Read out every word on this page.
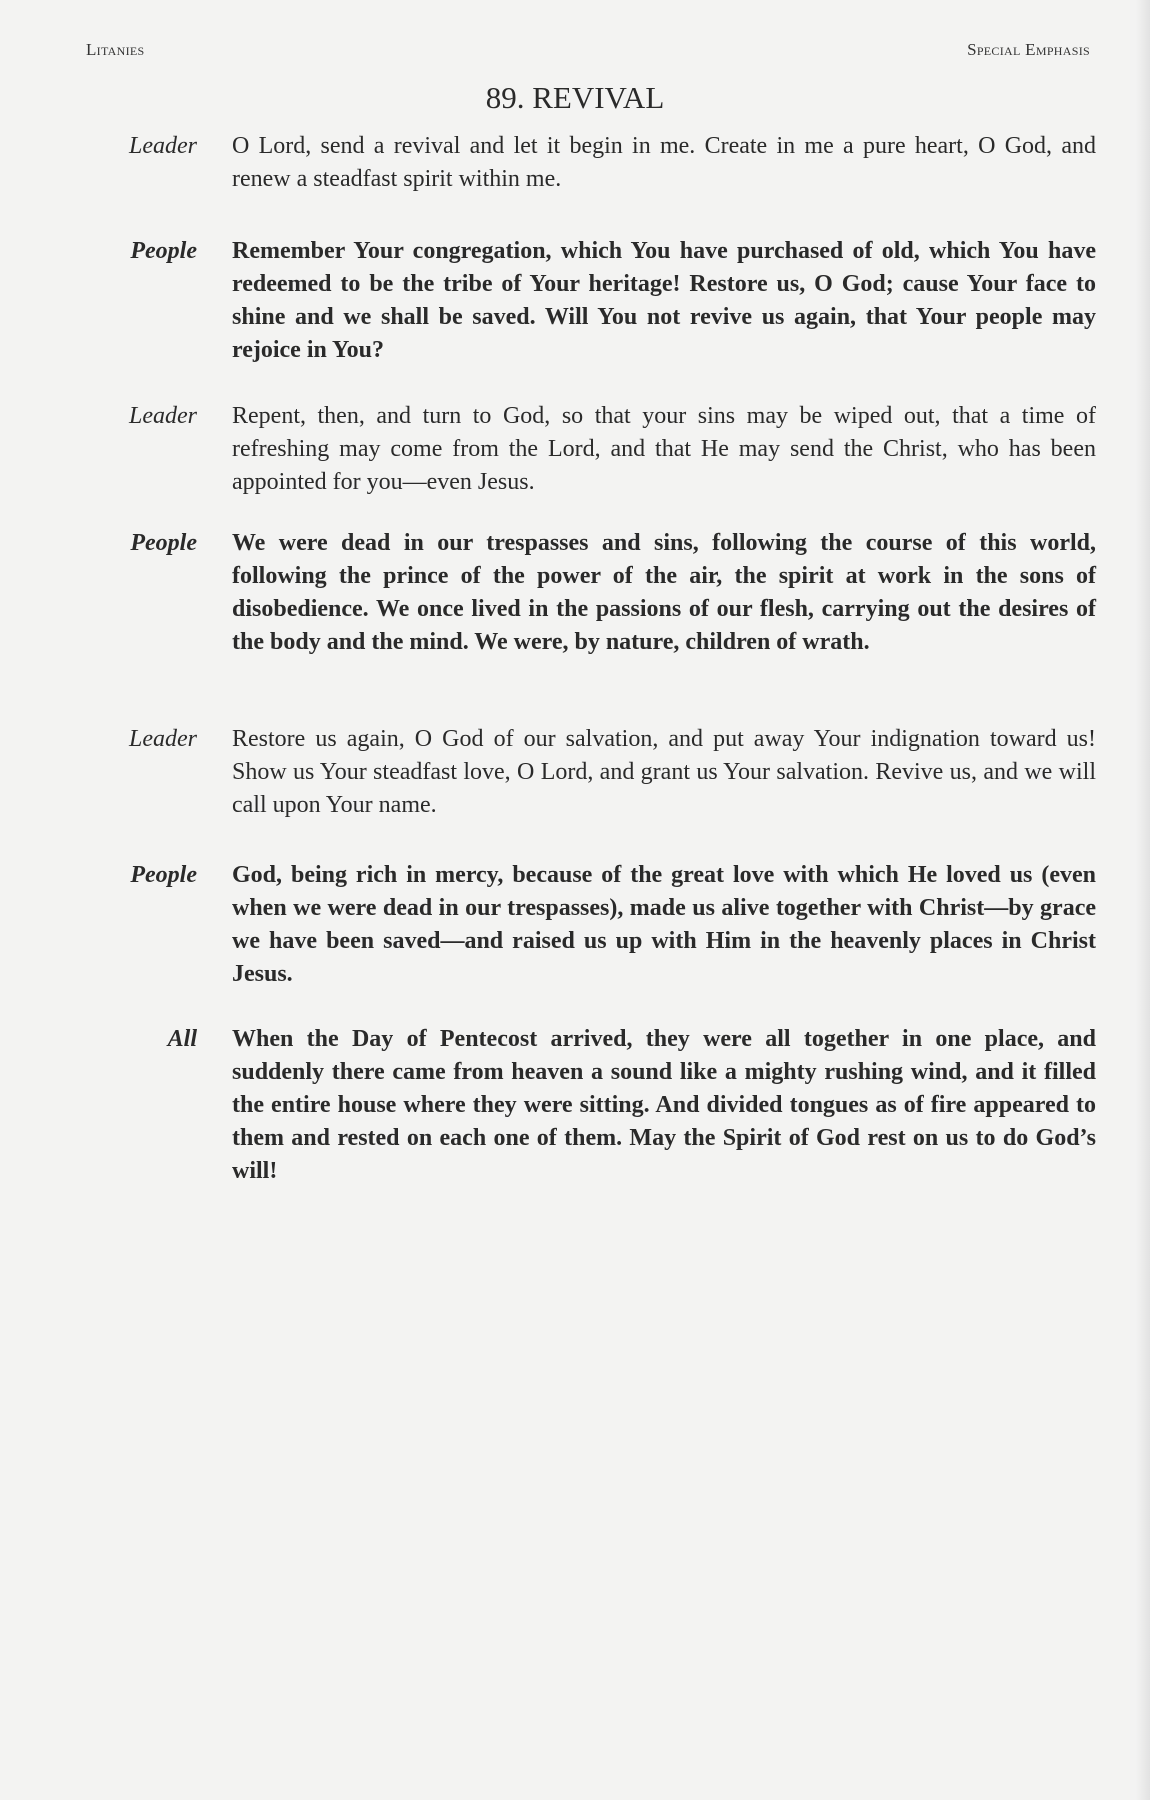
Litanies	Special Emphasis
89. REVIVAL
Leader O Lord, send a revival and let it begin in me. Create in me a pure heart, O God, and renew a steadfast spirit within me.
People Remember Your congregation, which You have purchased of old, which You have redeemed to be the tribe of Your heritage! Restore us, O God; cause Your face to shine and we shall be saved. Will You not revive us again, that Your people may rejoice in You?
Leader Repent, then, and turn to God, so that your sins may be wiped out, that a time of refreshing may come from the Lord, and that He may send the Christ, who has been appointed for you—even Jesus.
People We were dead in our trespasses and sins, following the course of this world, following the prince of the power of the air, the spirit at work in the sons of disobedience. We once lived in the passions of our flesh, carrying out the desires of the body and the mind. We were, by nature, children of wrath.
Leader Restore us again, O God of our salvation, and put away Your indignation toward us! Show us Your steadfast love, O Lord, and grant us Your salvation. Revive us, and we will call upon Your name.
People God, being rich in mercy, because of the great love with which He loved us (even when we were dead in our trespasses), made us alive together with Christ—by grace we have been saved—and raised us up with Him in the heavenly places in Christ Jesus.
All When the Day of Pentecost arrived, they were all together in one place, and suddenly there came from heaven a sound like a mighty rushing wind, and it filled the entire house where they were sitting. And divided tongues as of fire appeared to them and rested on each one of them. May the Spirit of God rest on us to do God’s will!
